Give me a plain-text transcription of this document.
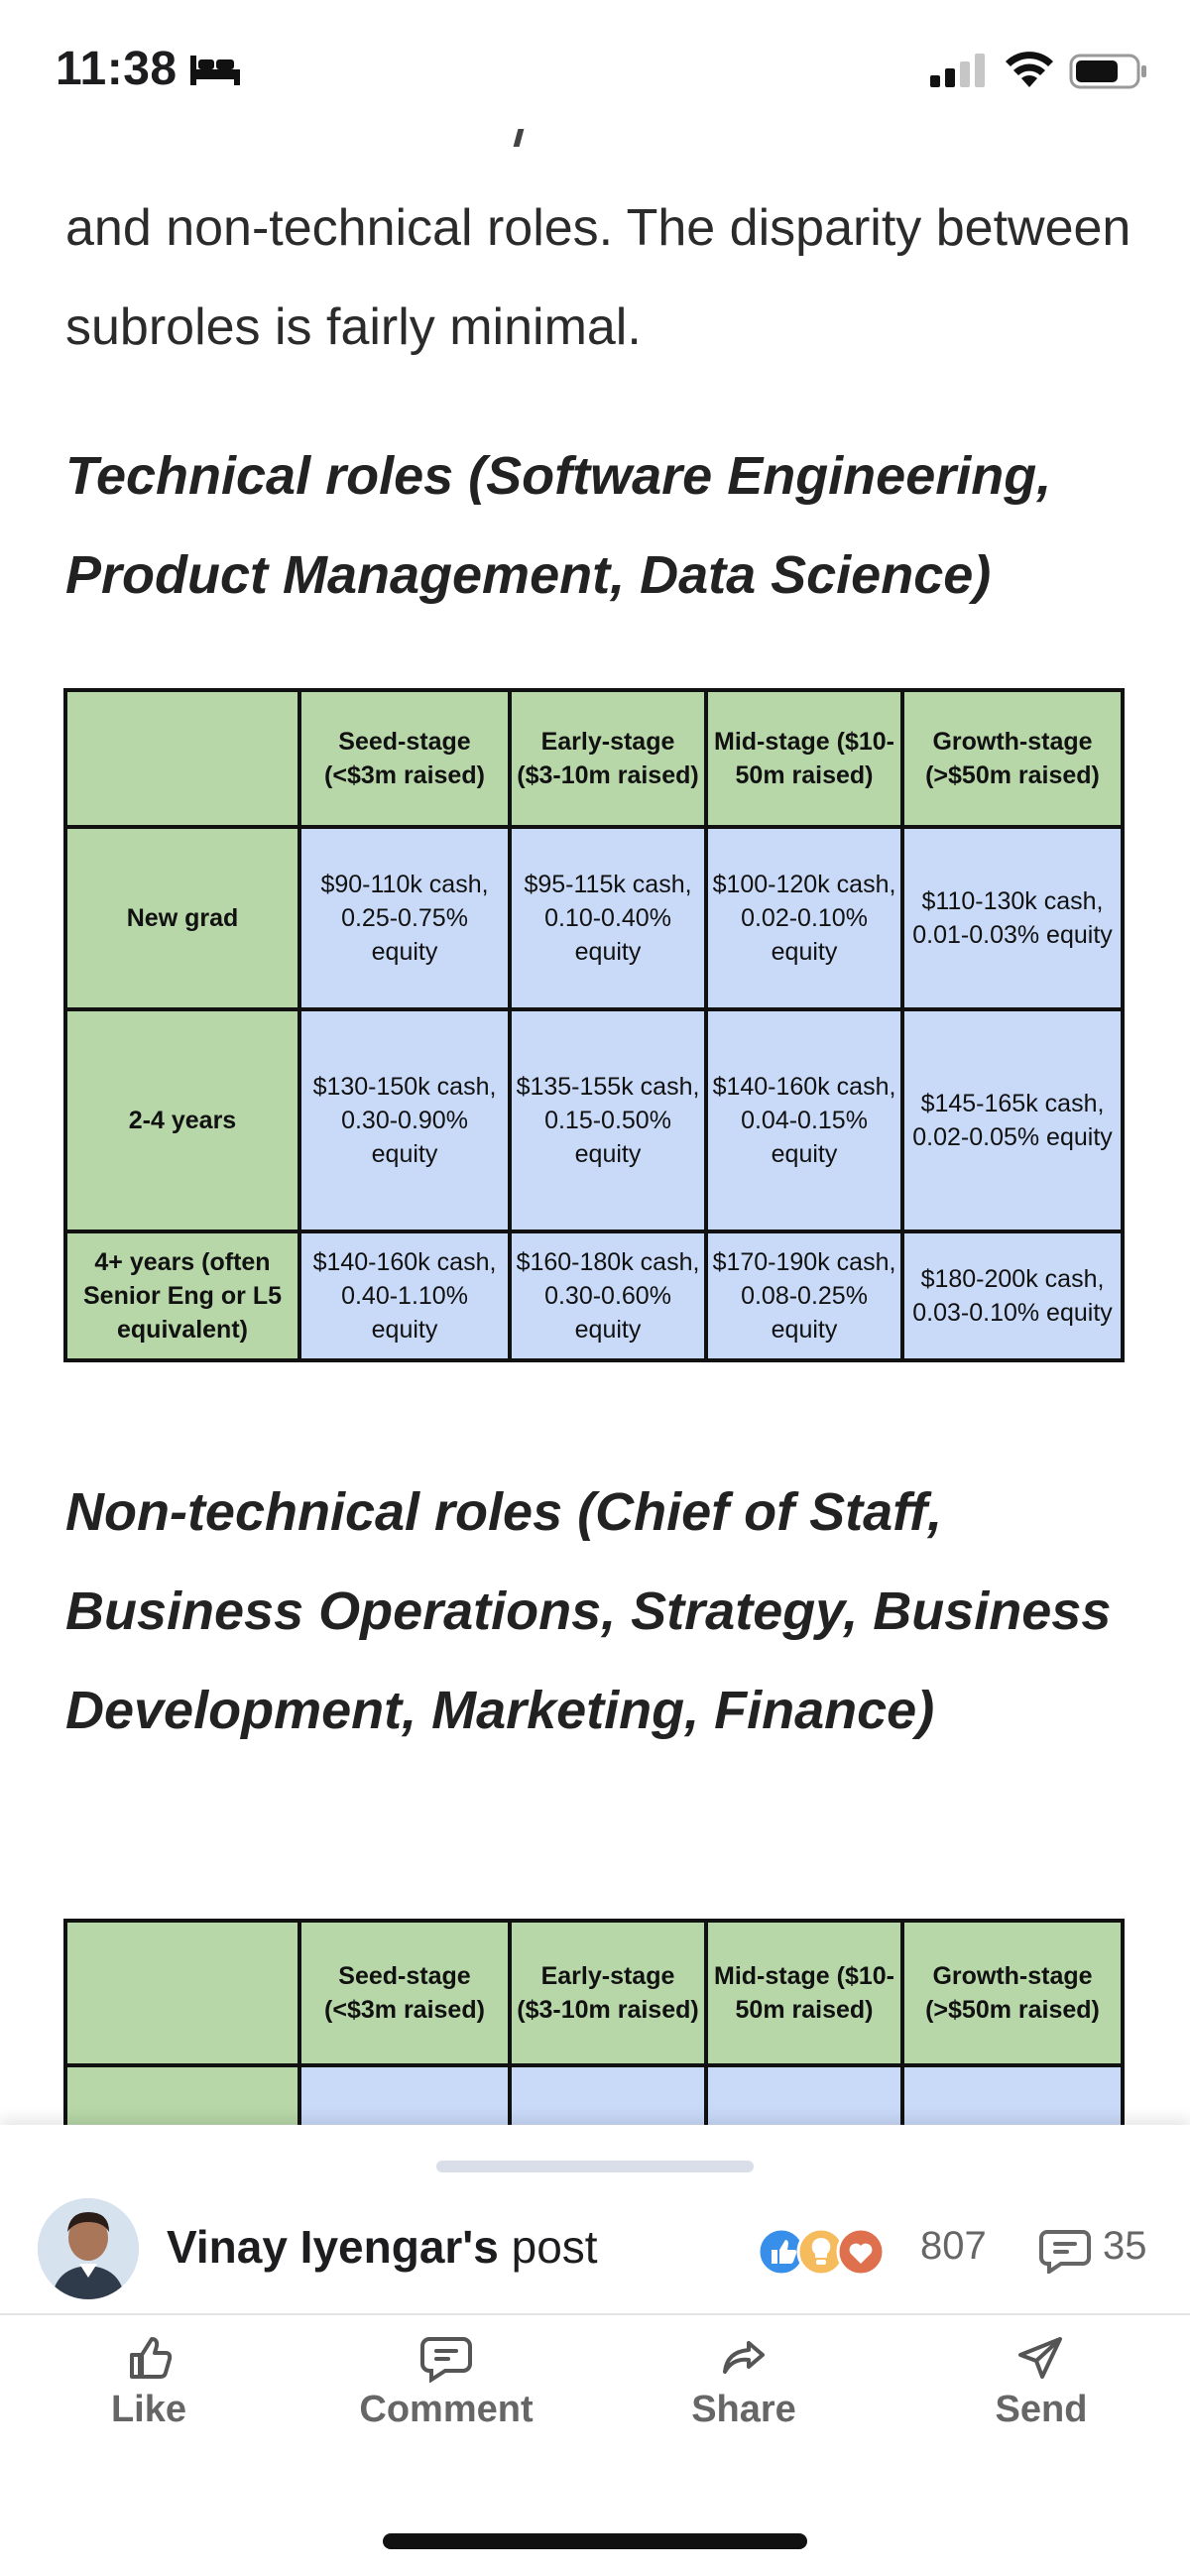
11:38

and non-technical roles. The disparity between subroles is fairly minimal.

Technical roles (Software Engineering, Product Management, Data Science)
	Seed-stage (<$3m raised)	Early-stage ($3-10m raised)	Mid-stage ($10-50m raised)	Growth-stage (>$50m raised)
New grad	$90-110k cash, 0.25-0.75% equity	$95-115k cash, 0.10-0.40% equity	$100-120k cash, 0.02-0.10% equity	$110-130k cash, 0.01-0.03% equity
2-4 years	$130-150k cash, 0.30-0.90% equity	$135-155k cash, 0.15-0.50% equity	$140-160k cash, 0.04-0.15% equity	$145-165k cash, 0.02-0.05% equity
4+ years (often Senior Eng or L5 equivalent)	$140-160k cash, 0.40-1.10% equity	$160-180k cash, 0.30-0.60% equity	$170-190k cash, 0.08-0.25% equity	$180-200k cash, 0.03-0.10% equity
Non-technical roles (Chief of Staff, Business Operations, Strategy, Business Development, Marketing, Finance)
	Seed-stage (<$3m raised)	Early-stage ($3-10m raised)	Mid-stage ($10-50m raised)	Growth-stage (>$50m raised)

Vinay Iyengar's post	807	35
Like	Comment	Share	Send
